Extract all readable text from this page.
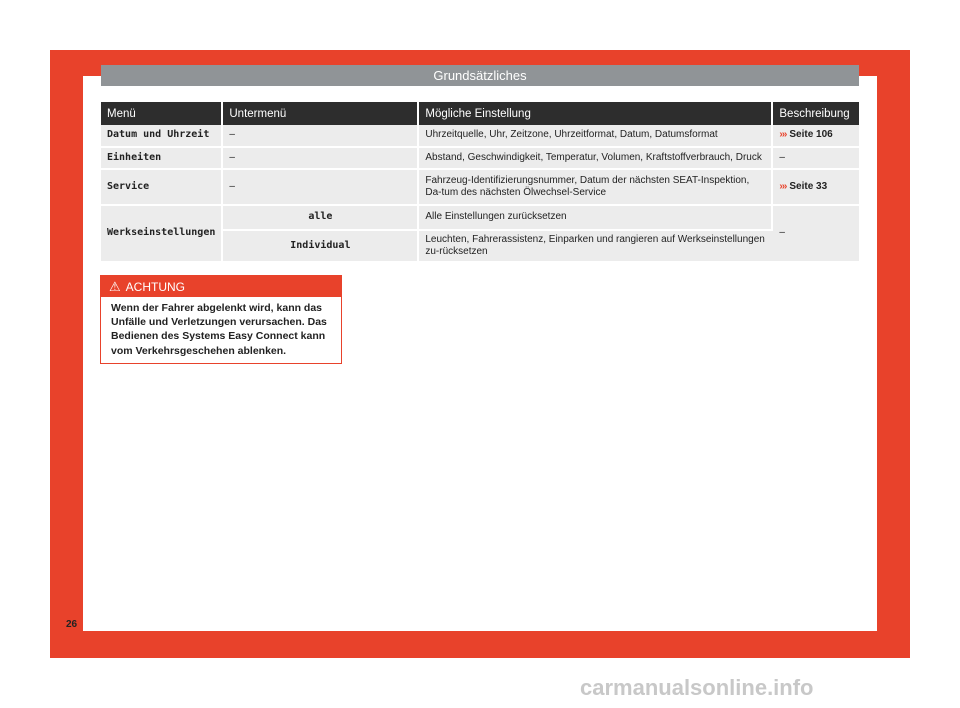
Grundsätzliches
Menü	Untermenü	Mögliche Einstellung	Beschreibung
Datum und Uhrzeit	–	Uhrzeitquelle, Uhr, Zeitzone, Uhrzeitformat, Datum, Datumsformat	››› Seite 106
Einheiten	–	Abstand, Geschwindigkeit, Temperatur, Volumen, Kraftstoffverbrauch, Druck	–
Service	–	Fahrzeug-Identifizierungsnummer, Datum der nächsten SEAT-Inspektion, Da-tum des nächsten Ölwechsel-Service	››› Seite 33
Werkseinstellungen	alle	Alle Einstellungen zurücksetzen	–
	Individual	Leuchten, Fahrerassistenz, Einparken und rangieren auf Werkseinstellungen zu-rücksetzen	
⚠ ACHTUNG
Wenn der Fahrer abgelenkt wird, kann das Unfälle und Verletzungen verursachen. Das Bedienen des Systems Easy Connect kann vom Verkehrsgeschehen ablenken.
26
carmanualsonline.info
